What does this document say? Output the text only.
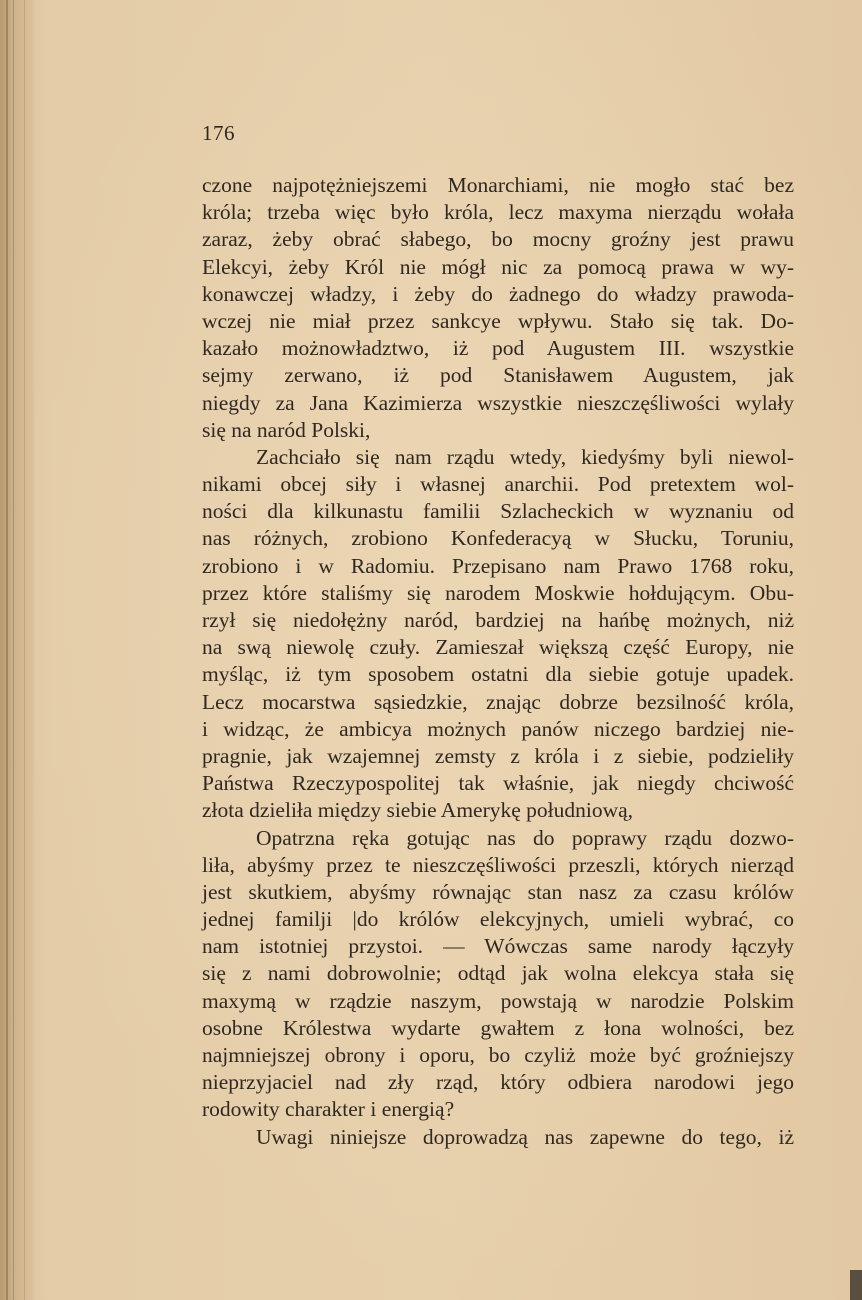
176
czone najpotężniejszemi Monarchiami, nie mogło stać bez
króla; trzeba więc było króla, lecz maxyma nierządu wołała
zaraz, żeby obrać słabego, bo mocny groźny jest prawu
Elekcyi, żeby Król nie mógł nic za pomocą prawa w wy-
konawczej władzy, i żeby do żadnego do władzy prawoda-
wczej nie miał przez sankcye wpływu. Stało się tak. Do-
kazało możnowładztwo, iż pod Augustem III. wszystkie
sejmy zerwano, iż pod Stanisławem Augustem, jak
niegdy za Jana Kazimierza wszystkie nieszczęśliwości wylały
się na naród Polski,
Zachciało się nam rządu wtedy, kiedyśmy byli niewol-
nikami obcej siły i własnej anarchii. Pod pretextem wol-
ności dla kilkunastu familii Szlacheckich w wyznaniu od
nas różnych, zrobiono Konfederacyą w Słucku, Toruniu,
zrobiono i w Radomiu. Przepisano nam Prawo 1768 roku,
przez które staliśmy się narodem Moskwie hołdującym. Obu-
rzył się niedołężny naród, bardziej na hańbę możnych, niż
na swą niewolę czuły. Zamieszał większą część Europy, nie
myśląc, iż tym sposobem ostatni dla siebie gotuje upadek.
Lecz mocarstwa sąsiedzkie, znając dobrze bezsilność króla,
i widząc, że ambicya możnych panów niczego bardziej nie-
pragnie, jak wzajemnej zemsty z króla i z siebie, podzieliły
Państwa Rzeczypospolitej tak właśnie, jak niegdy chciwość
złota dzieliła między siebie Amerykę południową,
Opatrzna ręka gotując nas do poprawy rządu dozwo-
liła, abyśmy przez te nieszczęśliwości przeszli, których nierząd
jest skutkiem, abyśmy równając stan nasz za czasu królów
jednej familji |do królów elekcyjnych, umieli wybrać, co
nam istotniej przystoi. — Wówczas same narody łączyły
się z nami dobrowolnie; odtąd jak wolna elekcya stała się
maxymą w rządzie naszym, powstają w narodzie Polskim
osobne Królestwa wydarte gwałtem z łona wolności, bez
najmniejszej obrony i oporu, bo czyliż może być groźniejszy
nieprzyjaciel nad zły rząd, który odbiera narodowi jego
rodowity charakter i energią?
Uwagi niniejsze doprowadzą nas zapewne do tego, iż
